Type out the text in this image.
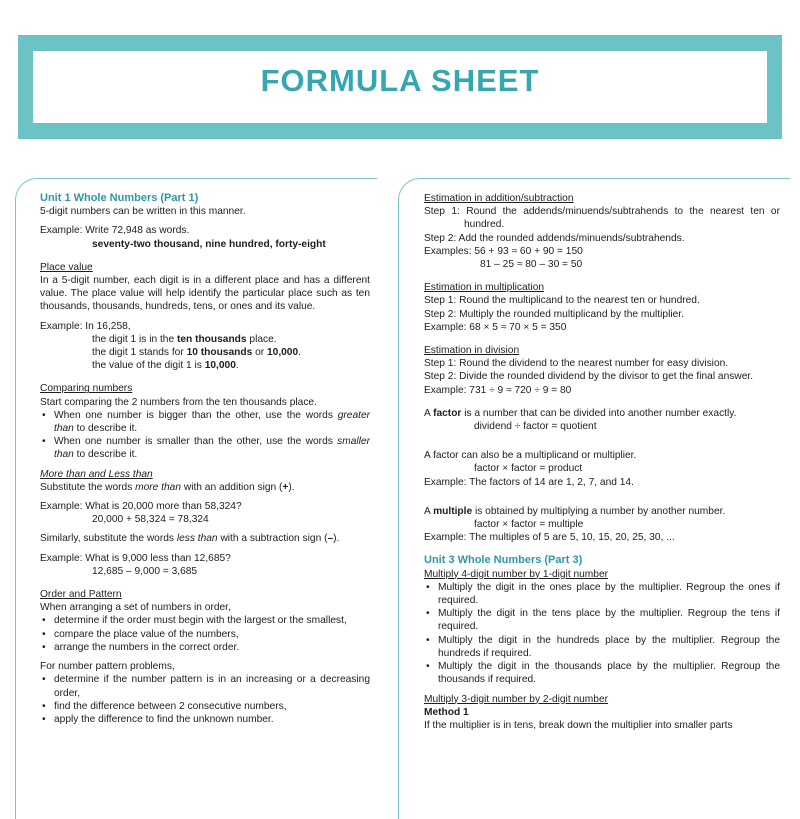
FORMULA SHEET

Unit 1 Whole Numbers (Part 1)

5-digit numbers can be written in this manner.

Example: Write 72,948 as words.

seventy-two thousand, nine hundred, forty-eight

Place value

In a 5-digit number, each digit is in a different place and has a different value. The place value will help identify the particular place such as ten thousands, thousands, hundreds, tens, or ones and its value.

Example: In 16,258,

the digit 1 is in the ten thousands place.

the digit 1 stands for 10 thousands or 10,000.

the value of the digit 1 is 10,000.

Comparing numbers

Start comparing the 2 numbers from the ten thousands place.

• When one number is bigger than the other, use the words greater than to describe it.
• When one number is smaller than the other, use the words smaller than to describe it.

More than and Less than

Substitute the words more than with an addition sign (+).

Example: What is 20,000 more than 58,324?

20,000 + 58,324 = 78,324

Similarly, substitute the words less than with a subtraction sign (–).

Example: What is 9,000 less than 12,685?

12,685 – 9,000 = 3,685

Order and Pattern

When arranging a set of numbers in order,

• determine if the order must begin with the largest or the smallest,
• compare the place value of the numbers,
• arrange the numbers in the correct order.

For number pattern problems,

• determine if the number pattern is in an increasing or a decreasing order,
• find the difference between 2 consecutive numbers,
• apply the difference to find the unknown number.

Estimation in addition/subtraction

Step 1: Round the addends/minuends/subtrahends to the nearest ten or hundred.

Step 2: Add the rounded addends/minuends/subtrahends.

Examples: 56 + 93 ≈ 60 + 90 = 150

81 – 25 ≈ 80 – 30 = 50

Estimation in multiplication

Step 1: Round the multiplicand to the nearest ten or hundred.

Step 2: Multiply the rounded multiplicand by the multiplier.

Example: 68 × 5 ≈ 70 × 5 = 350

Estimation in division

Step 1: Round the dividend to the nearest number for easy division.

Step 2: Divide the rounded dividend by the divisor to get the final answer.

Example: 731 ÷ 9 ≈ 720 ÷ 9 = 80

A factor is a number that can be divided into another number exactly.

dividend ÷ factor = quotient

A factor can also be a multiplicand or multiplier.

factor × factor = product

Example: The factors of 14 are 1, 2, 7, and 14.

A multiple is obtained by multiplying a number by another number.

factor × factor = multiple

Example: The multiples of 5 are 5, 10, 15, 20, 25, 30, ...

Unit 3 Whole Numbers (Part 3)

Multiply 4-digit number by 1-digit number

• Multiply the digit in the ones place by the multiplier. Regroup the ones if required.
• Multiply the digit in the tens place by the multiplier. Regroup the tens if required.
• Multiply the digit in the hundreds place by the multiplier. Regroup the hundreds if required.
• Multiply the digit in the thousands place by the multiplier. Regroup the thousands if required.

Multiply 3-digit number by 2-digit number

Method 1

If the multiplier is in tens, break down the multiplier into smaller parts
